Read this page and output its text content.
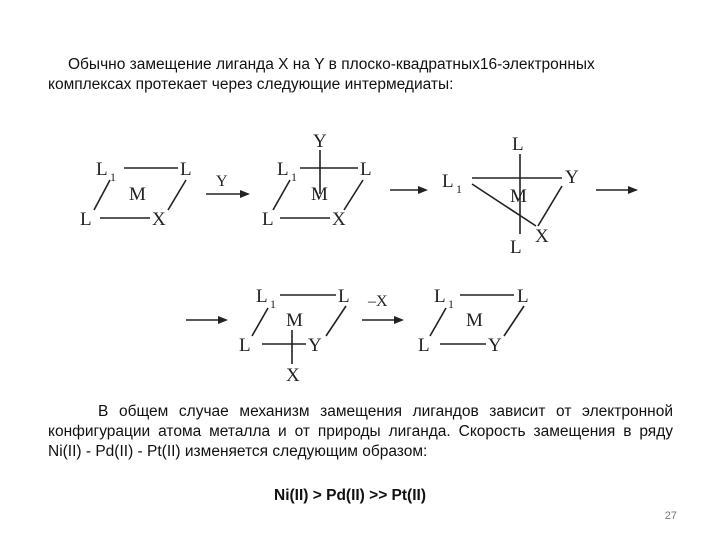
Обычно замещение лиганда X на Y в плоско-квадратных16-электронных комплексах протекает через следующие интермедиаты:
L 1	L
M
L	X
Y
Y
L 1	L
M
L	X
L
L 1
Y
M
L
X
L 1	L
M
L	Y
X
–X L 1	L
M
L	Y
В общем случае механизм замещения лигандов зависит от электронной конфигурации атома металла и от природы лиганда. Скорость замещения в ряду Ni(II) - Pd(II) - Pt(II) изменяется следующим образом:
Ni(II) > Pd(II) >> Pt(II)
27
